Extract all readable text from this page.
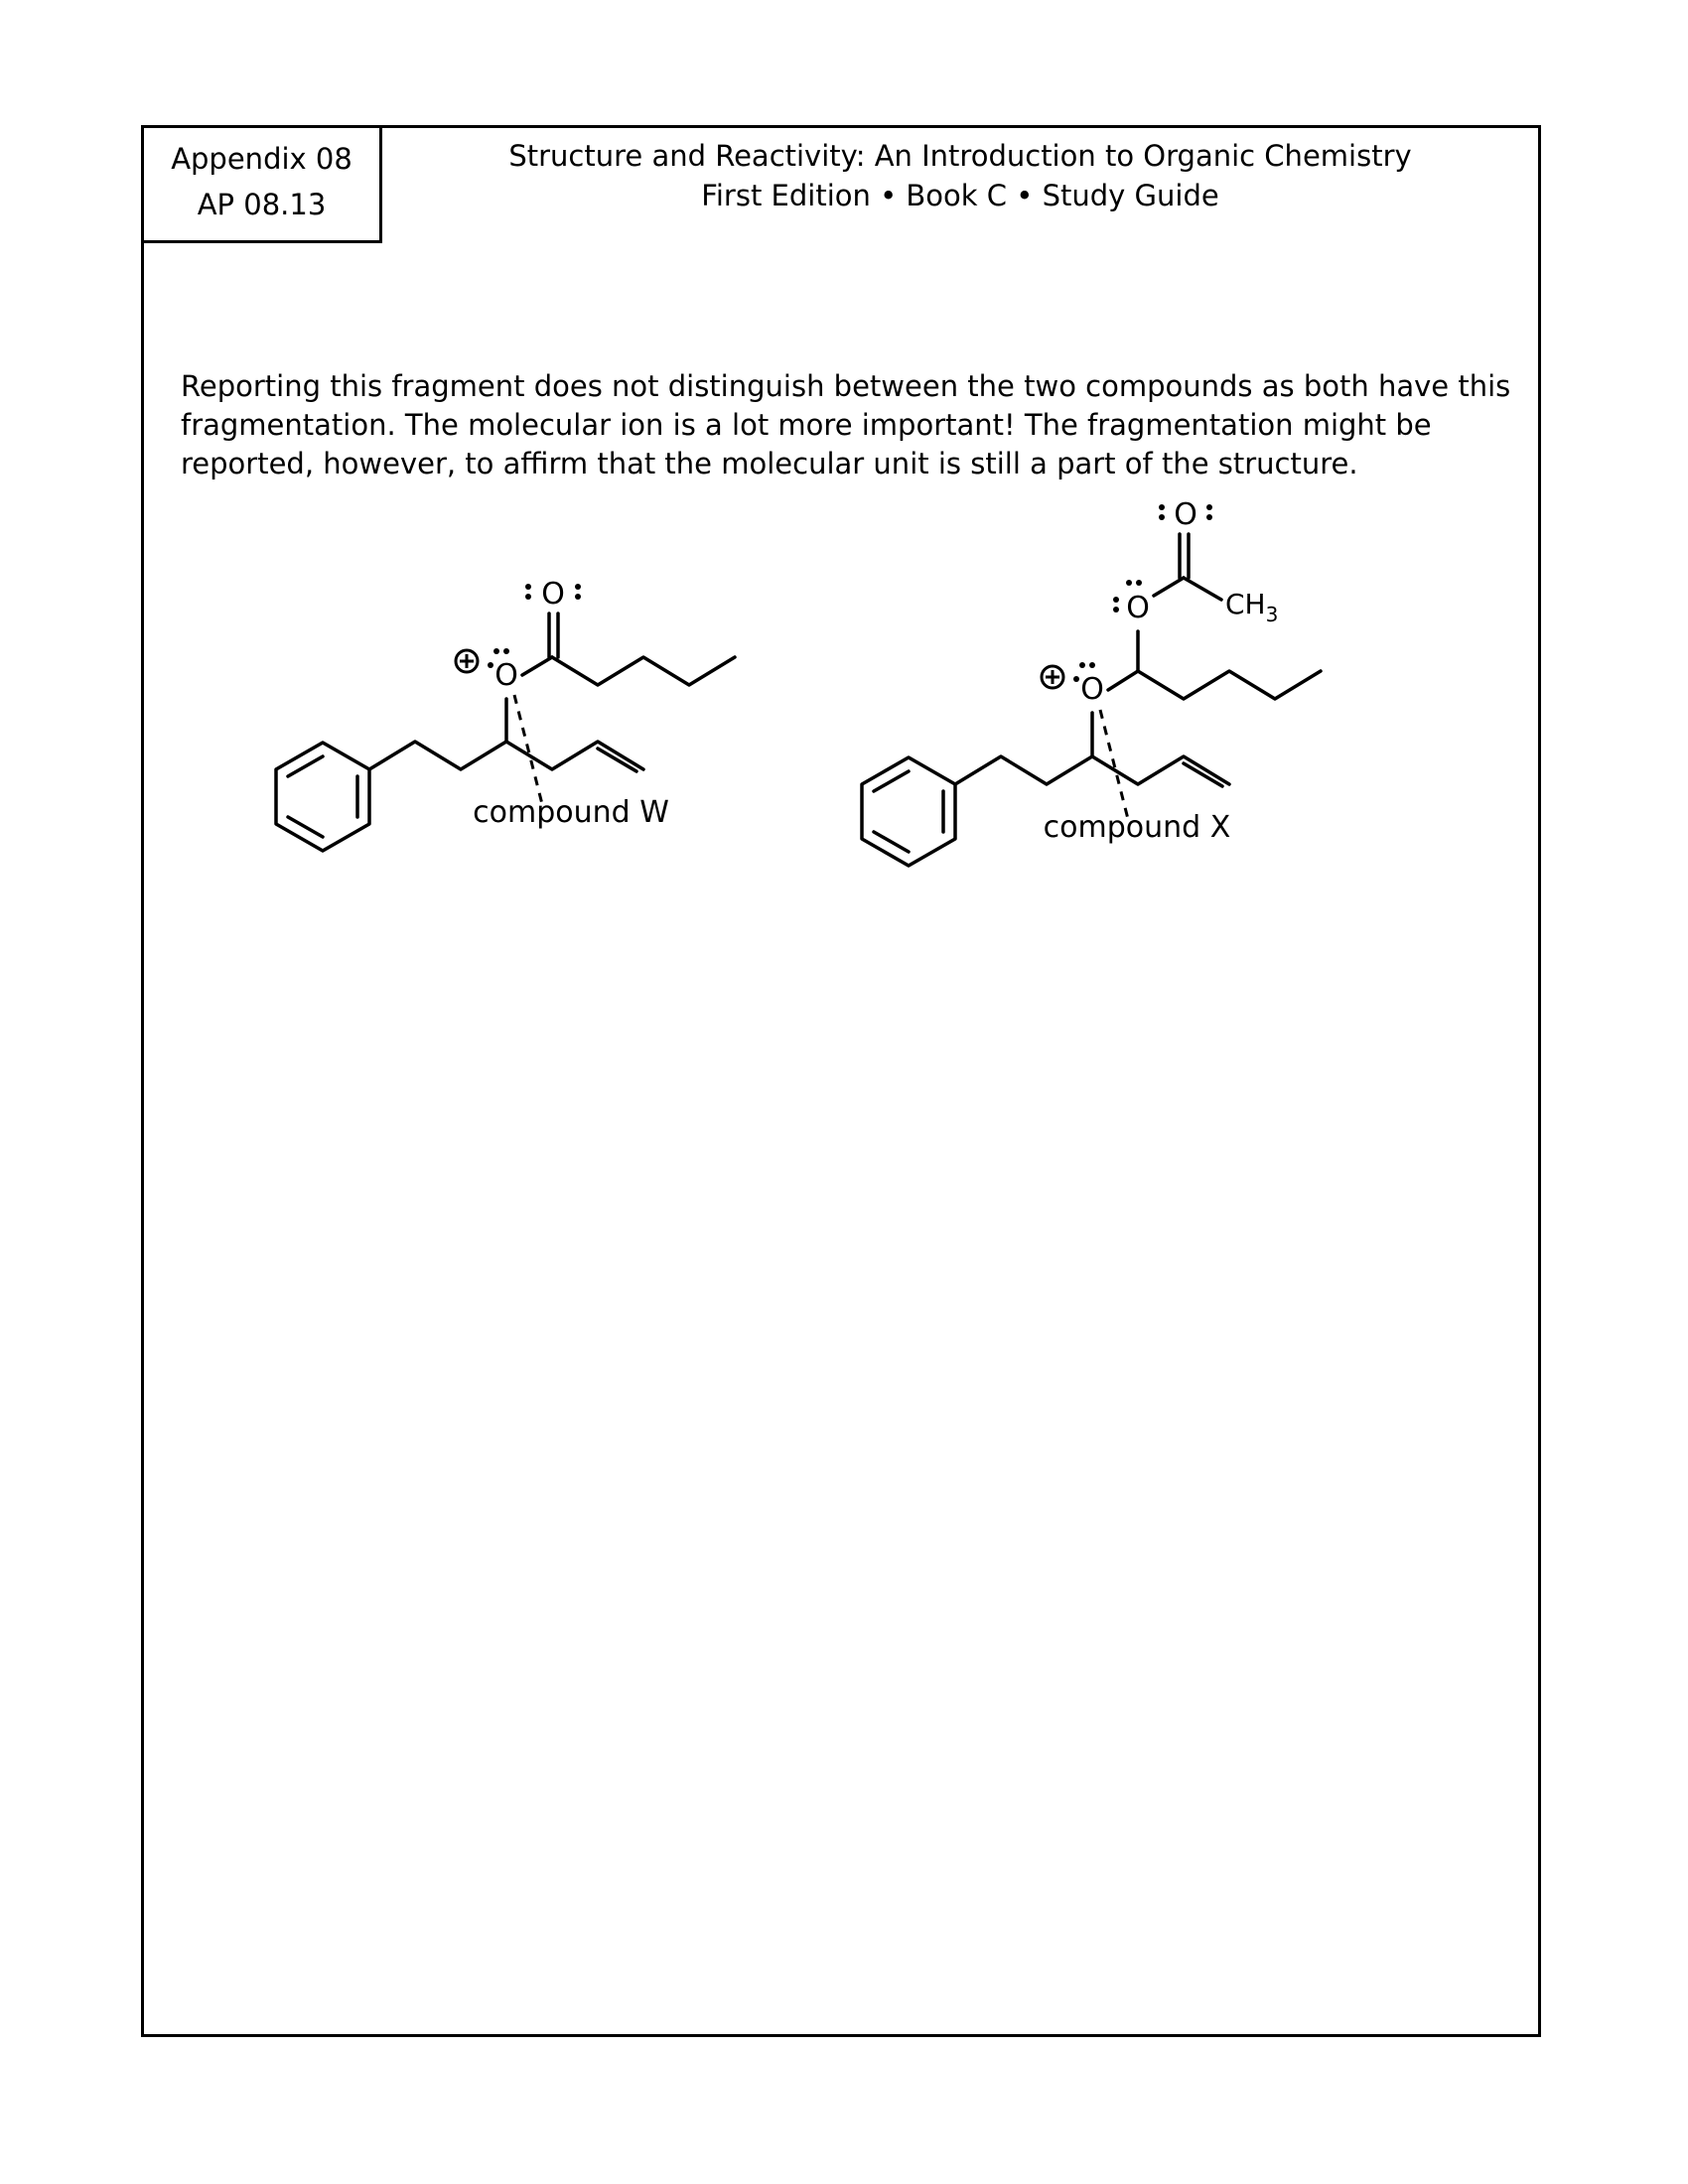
Appendix 08
AP 08.13
Structure and Reactivity: An Introduction to Organic Chemistry
First Edition • Book C • Study Guide

Reporting this fragment does not distinguish between the two compounds as both have this fragmentation. The molecular ion is a lot more important! The fragmentation might be reported, however, to affirm that the molecular unit is still a part of the structure.

O
O
compound W
O
O
O
$CH_3$
compound X
